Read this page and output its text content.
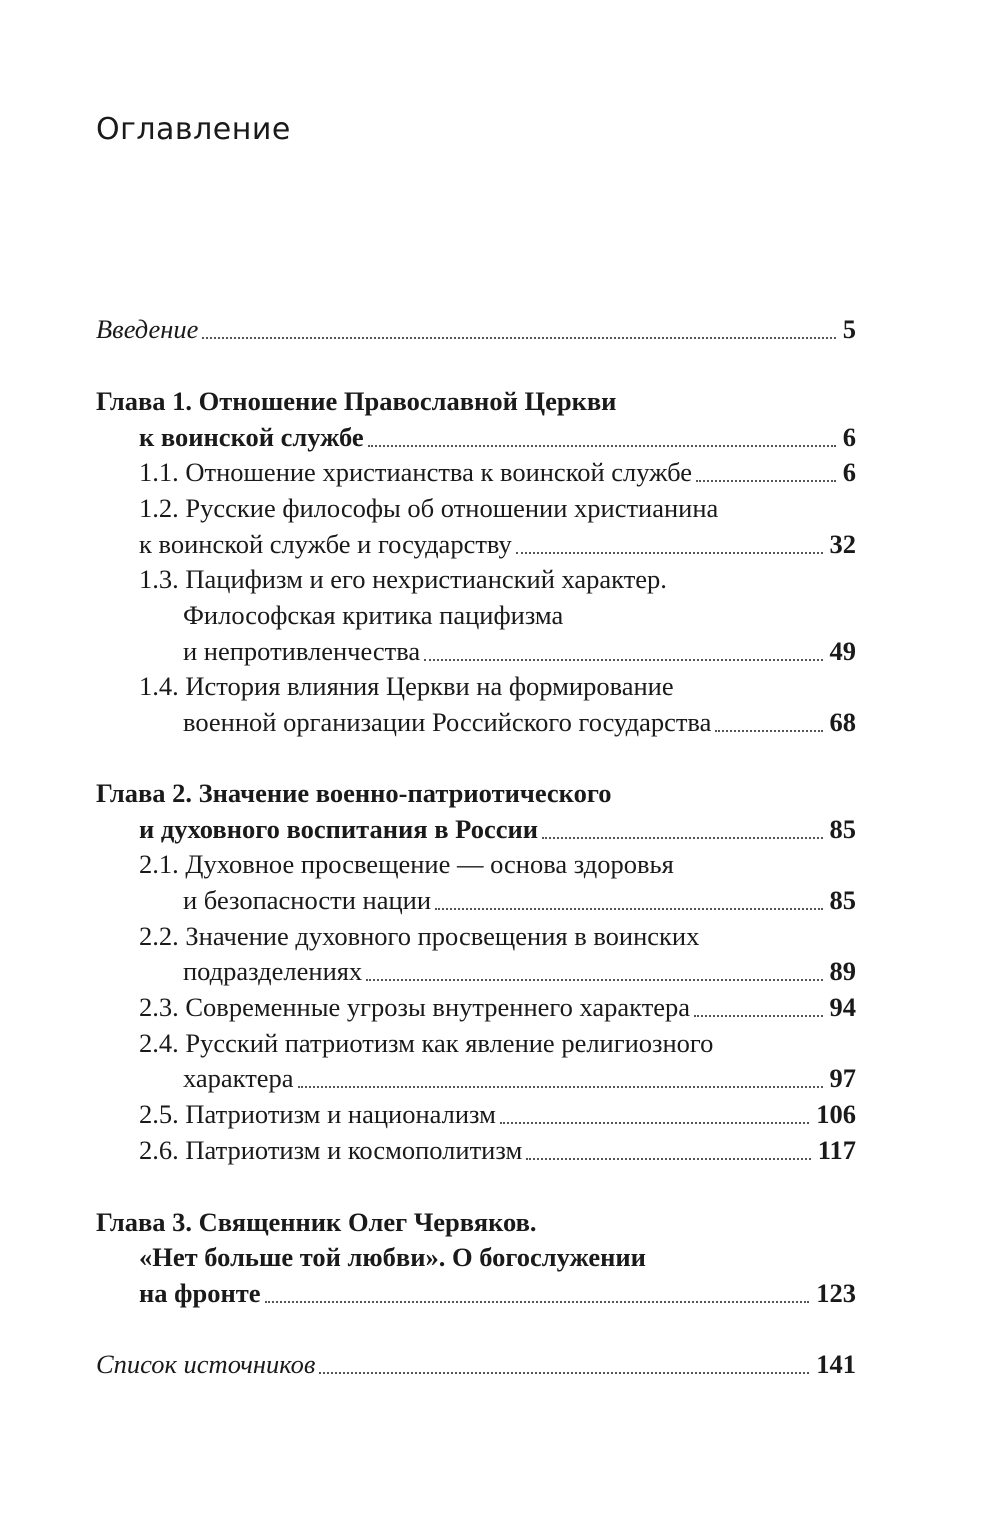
Оглавление
Введение	5
Глава 1. Отношение Православной Церкви
к воинской службе	6
1.1. Отношение христианства к воинской службе	6
1.2. Русские философы об отношении христианина
к воинской службе и государству	32
1.3. Пацифизм и его нехристианский характер.
Философская критика пацифизма
и непротивленчества	49
1.4. История влияния Церкви на формирование
военной организации Российского государства	68
Глава 2. Значение военно-патриотического
и духовного воспитания в России	85
2.1. Духовное просвещение — основа здоровья
и безопасности нации	85
2.2. Значение духовного просвещения в воинских
подразделениях	89
2.3. Современные угрозы внутреннего характера	94
2.4. Русский патриотизм как явление религиозного
характера	97
2.5. Патриотизм и национализм	106
2.6. Патриотизм и космополитизм	117
Глава 3. Священник Олег Червяков.
«Нет больше той любви». О богослужении
на фронте	123
Список источников	141
